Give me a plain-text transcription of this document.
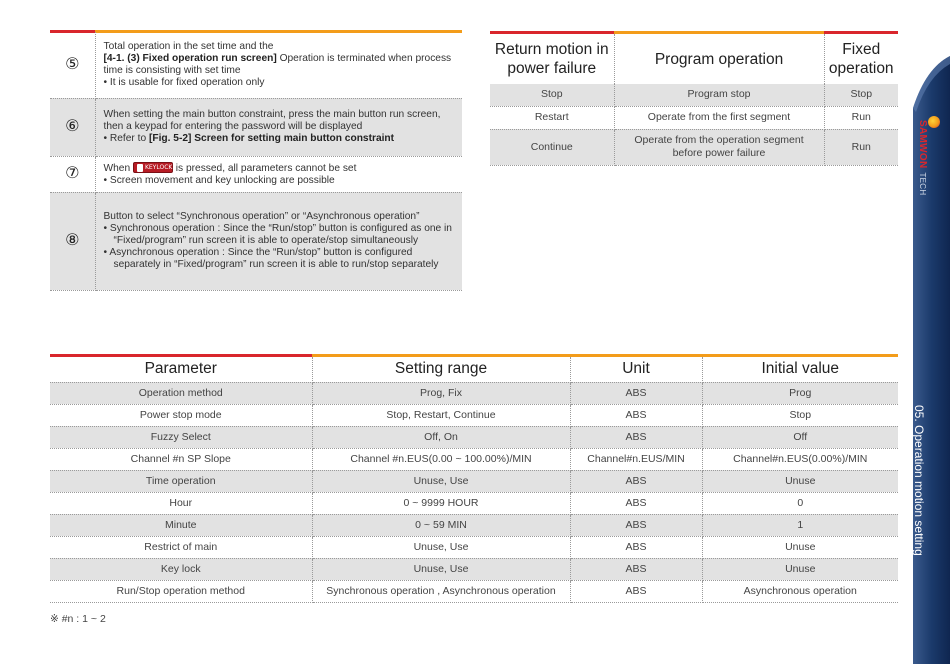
⑤	Total operation in the set time and the
[4-1. (3) Fixed operation run screen] Operation is terminated when process time is consisting with set time
• It is usable for fixed operation only

⑥	When setting the main button constraint, press the main button run screen, then a keypad for entering the password will be displayed
• Refer to [Fig. 5-2] Screen for setting main button constraint

⑦	When KEYLOCK is pressed, all parameters cannot be set
• Screen movement and key unlocking are possible

⑧	Button to select “Synchronous operation” or “Asynchronous operation”
• Synchronous operation : Since the “Run/stop” button is configured as one in “Fixed/program” run screen it is able to operate/stop simultaneously
• Asynchronous operation : Since the “Run/stop” button is configured separately in “Fixed/program” run screen it is able to run/stop separately
Return motion in power failure	Program operation	Fixed operation
Stop	Program stop	Stop
Restart	Operate from the first segment	Run
Continue	Operate from the operation segment before power failure	Run
Parameter	Setting range	Unit	Initial value
Operation method	Prog, Fix	ABS	Prog
Power stop mode	Stop, Restart, Continue	ABS	Stop
Fuzzy Select	Off, On	ABS	Off
Channel #n SP Slope	Channel #n.EUS(0.00 ~ 100.00%)/MIN	Channel#n.EUS/MIN	Channel#n.EUS(0.00%)/MIN
Time operation	Unuse, Use	ABS	Unuse
Hour	0 ~ 9999 HOUR	ABS	0
Minute	0 ~ 59 MIN	ABS	1
Restrict of main	Unuse, Use	ABS	Unuse
Key lock	Unuse, Use	ABS	Unuse
Run/Stop operation method	Synchronous operation , Asynchronous operation	ABS	Asynchronous operation
※ #n : 1 ~ 2
SAMWONTECH
05. Operation motion setting
